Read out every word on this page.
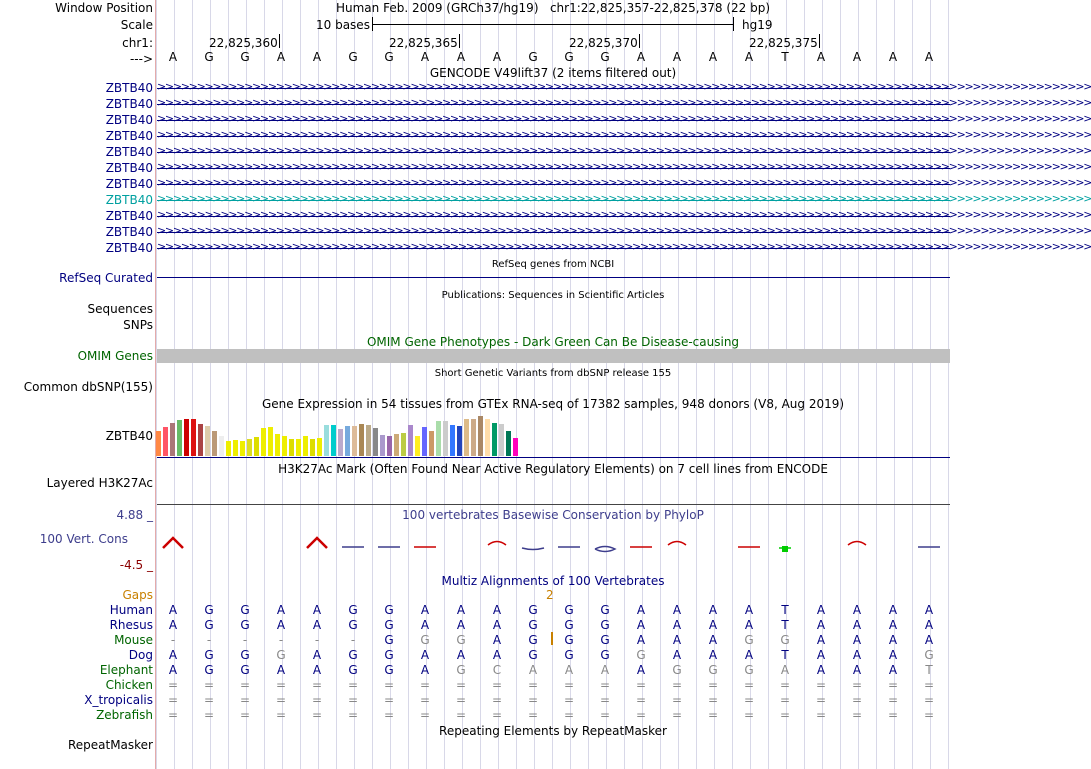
Window Position
Scale
chr1:
--->
Human Feb. 2009 (GRCh37/hg19) chr1:22,825,357-22,825,378 (22 bp)
10 bases	hg19
22,825,360	22,825,365	22,825,370	22,825,375
A G G A A G G A A A G G G A A A A T A A A A
GENCODE V49lift37 (2 items filtered out)
ZBTB40 >>>>>>>>>>>>>>>>>>>>>>>>>>>>>>>>>>>>>>>>>>>>>>>>>>>>>>>>>>>>>>>>>>>>>>>>>>>>>>>>>>>>>>>>>>>>>>>>>>>>>>>>>>>>>>>>>>>>>>
ZBTB40 >>>>>>>>>>>>>>>>>>>>>>>>>>>>>>>>>>>>>>>>>>>>>>>>>>>>>>>>>>>>>>>>>>>>>>>>>>>>>>>>>>>>>>>>>>>>>>>>>>>>>>>>>>>>>>>>>>>>>>
ZBTB40 >>>>>>>>>>>>>>>>>>>>>>>>>>>>>>>>>>>>>>>>>>>>>>>>>>>>>>>>>>>>>>>>>>>>>>>>>>>>>>>>>>>>>>>>>>>>>>>>>>>>>>>>>>>>>>>>>>>>>>
ZBTB40 >>>>>>>>>>>>>>>>>>>>>>>>>>>>>>>>>>>>>>>>>>>>>>>>>>>>>>>>>>>>>>>>>>>>>>>>>>>>>>>>>>>>>>>>>>>>>>>>>>>>>>>>>>>>>>>>>>>>>>
ZBTB40 >>>>>>>>>>>>>>>>>>>>>>>>>>>>>>>>>>>>>>>>>>>>>>>>>>>>>>>>>>>>>>>>>>>>>>>>>>>>>>>>>>>>>>>>>>>>>>>>>>>>>>>>>>>>>>>>>>>>>>
ZBTB40 >>>>>>>>>>>>>>>>>>>>>>>>>>>>>>>>>>>>>>>>>>>>>>>>>>>>>>>>>>>>>>>>>>>>>>>>>>>>>>>>>>>>>>>>>>>>>>>>>>>>>>>>>>>>>>>>>>>>>>
ZBTB40 >>>>>>>>>>>>>>>>>>>>>>>>>>>>>>>>>>>>>>>>>>>>>>>>>>>>>>>>>>>>>>>>>>>>>>>>>>>>>>>>>>>>>>>>>>>>>>>>>>>>>>>>>>>>>>>>>>>>>>
ZBTB40 >>>>>>>>>>>>>>>>>>>>>>>>>>>>>>>>>>>>>>>>>>>>>>>>>>>>>>>>>>>>>>>>>>>>>>>>>>>>>>>>>>>>>>>>>>>>>>>>>>>>>>>>>>>>>>>>>>>>>>
ZBTB40 >>>>>>>>>>>>>>>>>>>>>>>>>>>>>>>>>>>>>>>>>>>>>>>>>>>>>>>>>>>>>>>>>>>>>>>>>>>>>>>>>>>>>>>>>>>>>>>>>>>>>>>>>>>>>>>>>>>>>>
ZBTB40 >>>>>>>>>>>>>>>>>>>>>>>>>>>>>>>>>>>>>>>>>>>>>>>>>>>>>>>>>>>>>>>>>>>>>>>>>>>>>>>>>>>>>>>>>>>>>>>>>>>>>>>>>>>>>>>>>>>>>>
ZBTB40 >>>>>>>>>>>>>>>>>>>>>>>>>>>>>>>>>>>>>>>>>>>>>>>>>>>>>>>>>>>>>>>>>>>>>>>>>>>>>>>>>>>>>>>>>>>>>>>>>>>>>>>>>>>>>>>>>>>>>>
RefSeq genes from NCBI
RefSeq Curated
Publications: Sequences in Scientific Articles
Sequences
SNPs
OMIM Gene Phenotypes - Dark Green Can Be Disease-causing
OMIM Genes
Short Genetic Variants from dbSNP release 155
Common dbSNP(155)
Gene Expression in 54 tissues from GTEx RNA-seq of 17382 samples, 948 donors (V8, Aug 2019)
ZBTB40
H3K27Ac Mark (Often Found Near Active Regulatory Elements) on 7 cell lines from ENCODE
Layered H3K27Ac
100 vertebrates Basewise Conservation by PhyloP
4.88 _
100 Vert. Cons
-4.5 _
Multiz Alignments of 100 Vertebrates
Gaps	2
Human A G G A A G G A A A G G G A A A A T A A A A
Rhesus A G G A A G G A A A G G G A A A A T A A A A
Mouse	-	-	-	-	-	-	G G G A G G G A A A G G A A A A
Dog A G G G A G G A A A G G G G A A A T A A A G
Elephant A G G A A G G A G C A A A A G G G A A A A T
Chicken = = = = = = = = = = = = = = = = = = = = = =
X_tropicalis = = = = = = = = = = = = = = = = = = = = = =
Zebrafish = = = = = = = = = = = = = = = = = = = = = =
Repeating Elements by RepeatMasker
RepeatMasker
